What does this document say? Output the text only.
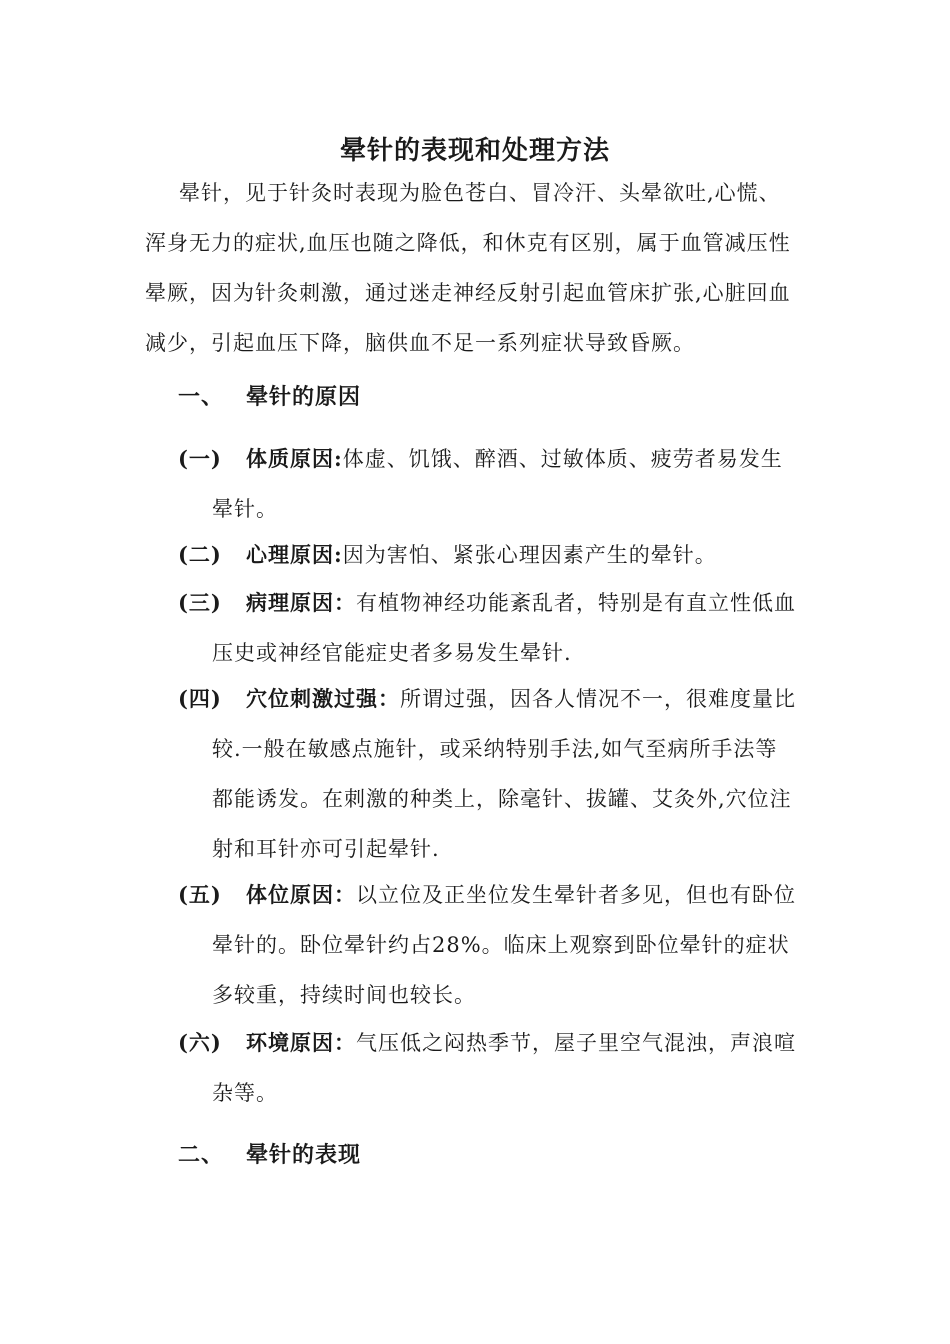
晕针的表现和处理方法
晕针，见于针灸时表现为脸色苍白、冒冷汗、头晕欲吐,心慌、
浑身无力的症状,血压也随之降低，和休克有区别，属于血管减压性
晕厥，因为针灸刺激，通过迷走神经反射引起血管床扩张,心脏回血
减少，引起血压下降，脑供血不足一系列症状导致昏厥。
一、 晕针的原因
(一) 体质原因:体虚、饥饿、醉酒、过敏体质、疲劳者易发生
晕针。
(二) 心理原因:因为害怕、紧张心理因素产生的晕针。
(三) 病理原因：有植物神经功能紊乱者，特别是有直立性低血
压史或神经官能症史者多易发生晕针.
(四) 穴位刺激过强：所谓过强，因各人情况不一，很难度量比
较.一般在敏感点施针，或采纳特别手法,如气至病所手法等
都能诱发。在刺激的种类上，除毫针、拔罐、艾灸外,穴位注
射和耳针亦可引起晕针.
(五) 体位原因：以立位及正坐位发生晕针者多见，但也有卧位
晕针的。卧位晕针约占28%。临床上观察到卧位晕针的症状
多较重，持续时间也较长。
(六) 环境原因：气压低之闷热季节，屋子里空气混浊，声浪喧
杂等。
二、 晕针的表现
